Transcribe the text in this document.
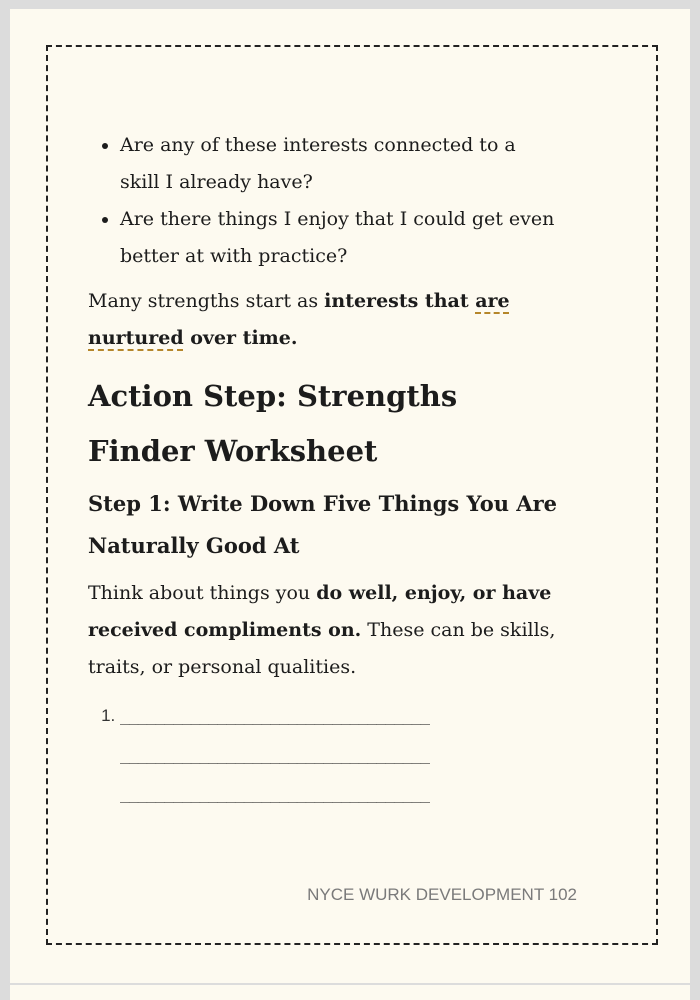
• Are any of these interests connected to a skill I already have?
• Are there things I enjoy that I could get even better at with practice?

Many strengths start as interests that are nurtured over time.

Action Step: Strengths Finder Worksheet
Step 1: Write Down Five Things You Are Naturally Good At

Think about things you do well, enjoy, or have received compliments on. These can be skills, traits, or personal qualities.

1. ___________________________________
___________________________________
___________________________________
NYCE WURK DEVELOPMENT 102
